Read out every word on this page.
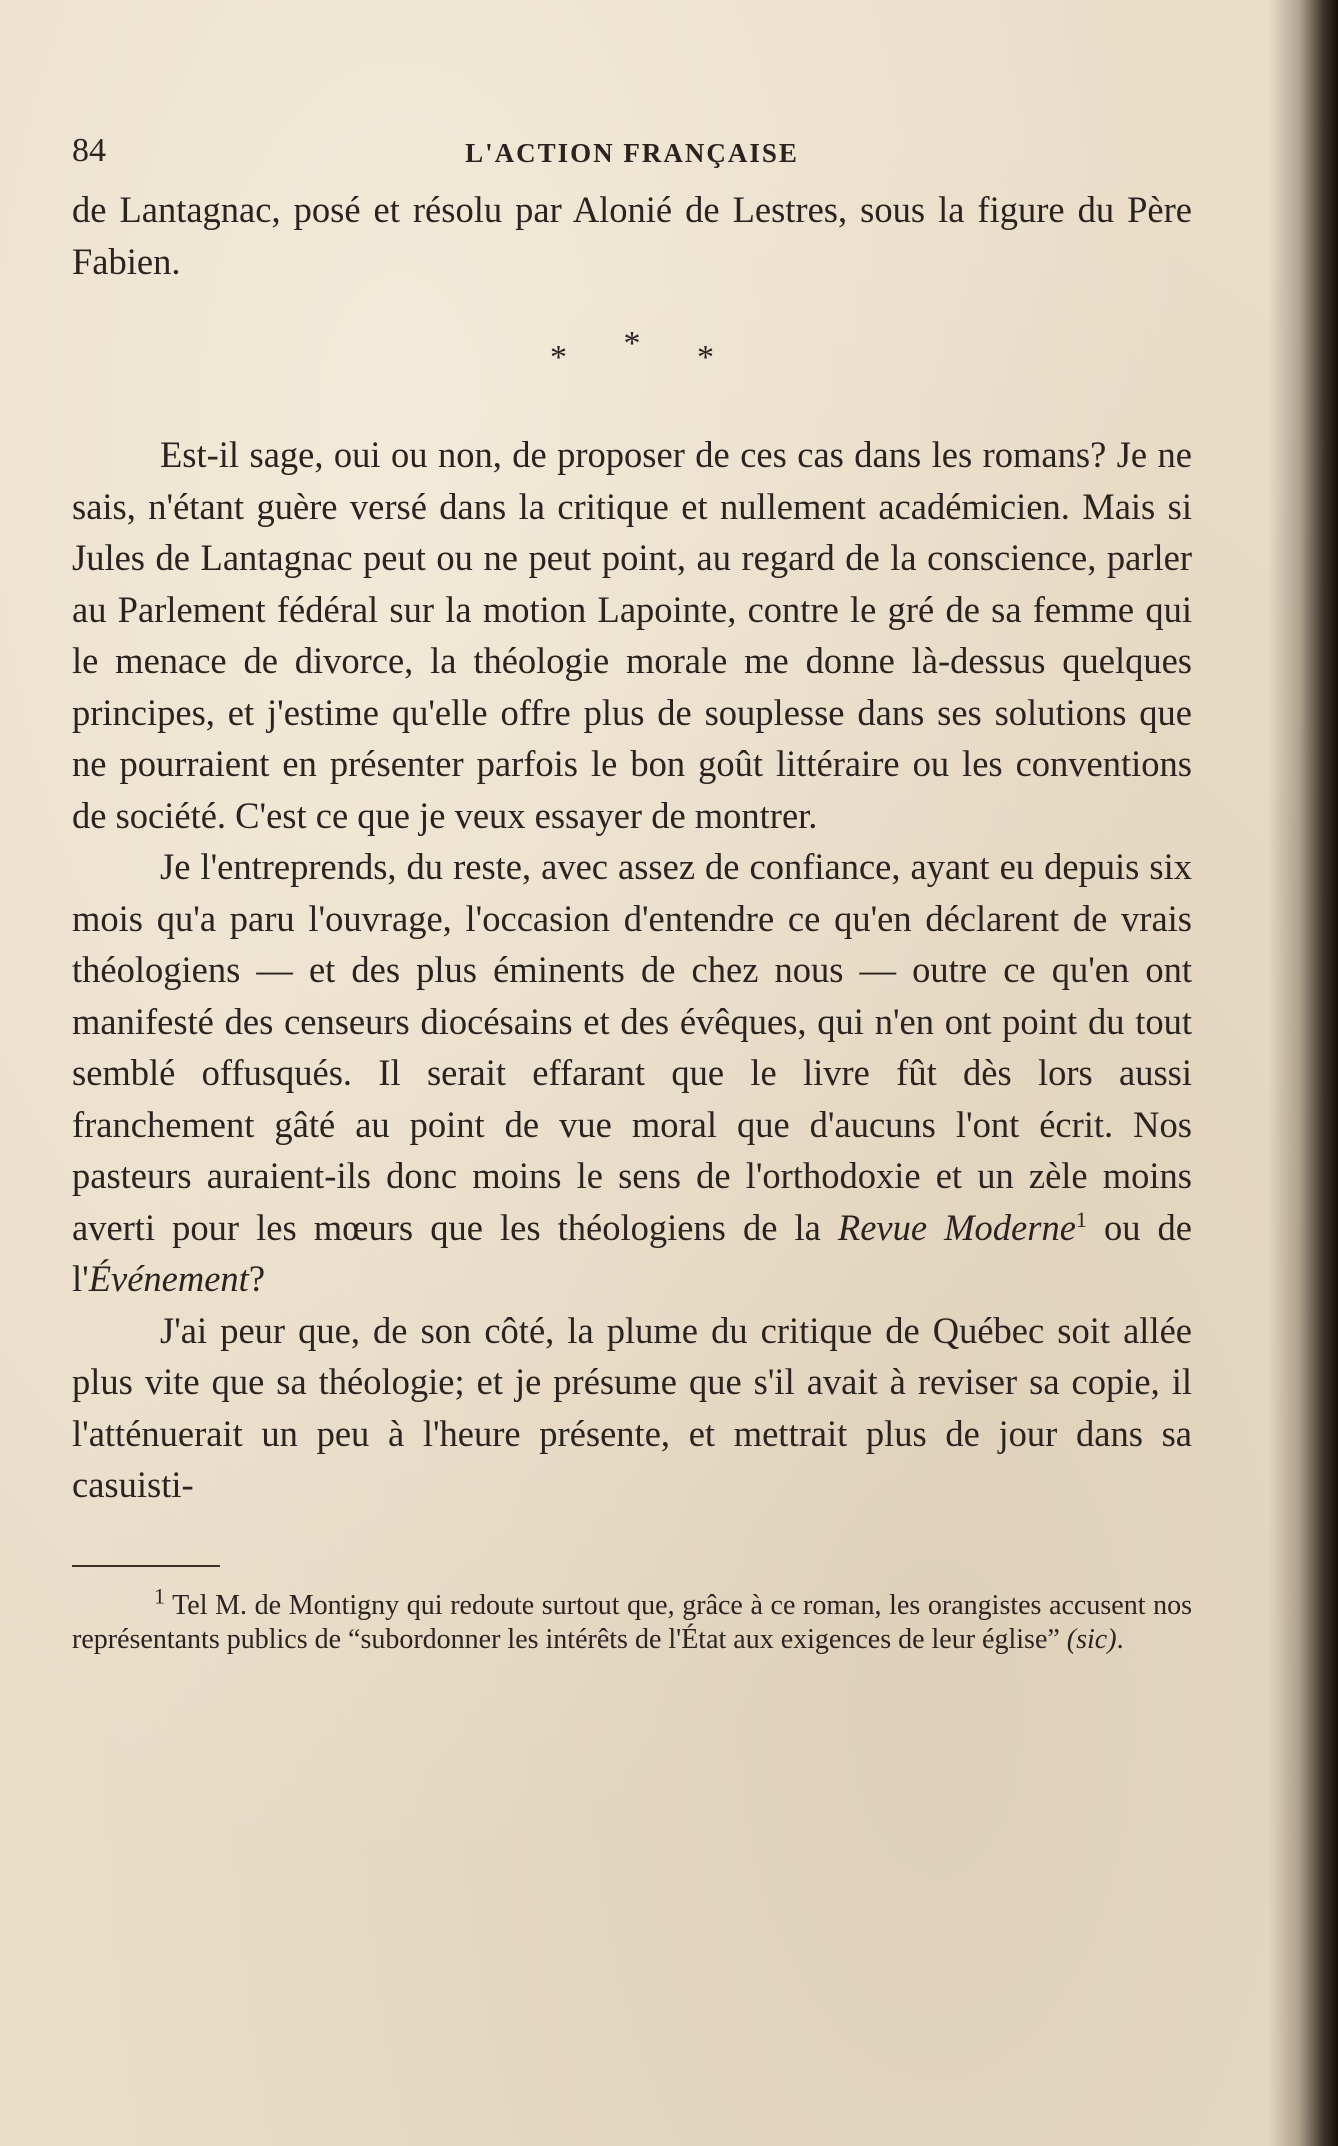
84	L'ACTION FRANÇAISE

de Lantagnac, posé et résolu par Alonié de Lestres, sous la figure du Père Fabien.

* * *

Est-il sage, oui ou non, de proposer de ces cas dans les romans? Je ne sais, n'étant guère versé dans la critique et nullement académicien. Mais si Jules de Lantagnac peut ou ne peut point, au regard de la conscience, parler au Parlement fédéral sur la motion Lapointe, contre le gré de sa femme qui le menace de divorce, la théologie morale me donne là-dessus quelques principes, et j'estime qu'elle offre plus de souplesse dans ses solutions que ne pourraient en présenter parfois le bon goût littéraire ou les conventions de société. C'est ce que je veux essayer de montrer.

Je l'entreprends, du reste, avec assez de confiance, ayant eu depuis six mois qu'a paru l'ouvrage, l'occasion d'entendre ce qu'en déclarent de vrais théologiens — et des plus éminents de chez nous — outre ce qu'en ont manifesté des censeurs diocésains et des évêques, qui n'en ont point du tout semblé offusqués. Il serait effarant que le livre fût dès lors aussi franchement gâté au point de vue moral que d'aucuns l'ont écrit. Nos pasteurs auraient-ils donc moins le sens de l'orthodoxie et un zèle moins averti pour les mœurs que les théologiens de la Revue Moderne$^1$ ou de l'Événement?

J'ai peur que, de son côté, la plume du critique de Québec soit allée plus vite que sa théologie; et je présume que s'il avait à reviser sa copie, il l'atténuerait un peu à l'heure présente, et mettrait plus de jour dans sa casuisti-

$^1$ Tel M. de Montigny qui redoute surtout que, grâce à ce roman, les orangistes accusent nos représentants publics de “subordonner les intérêts de l'État aux exigences de leur église” (sic).
